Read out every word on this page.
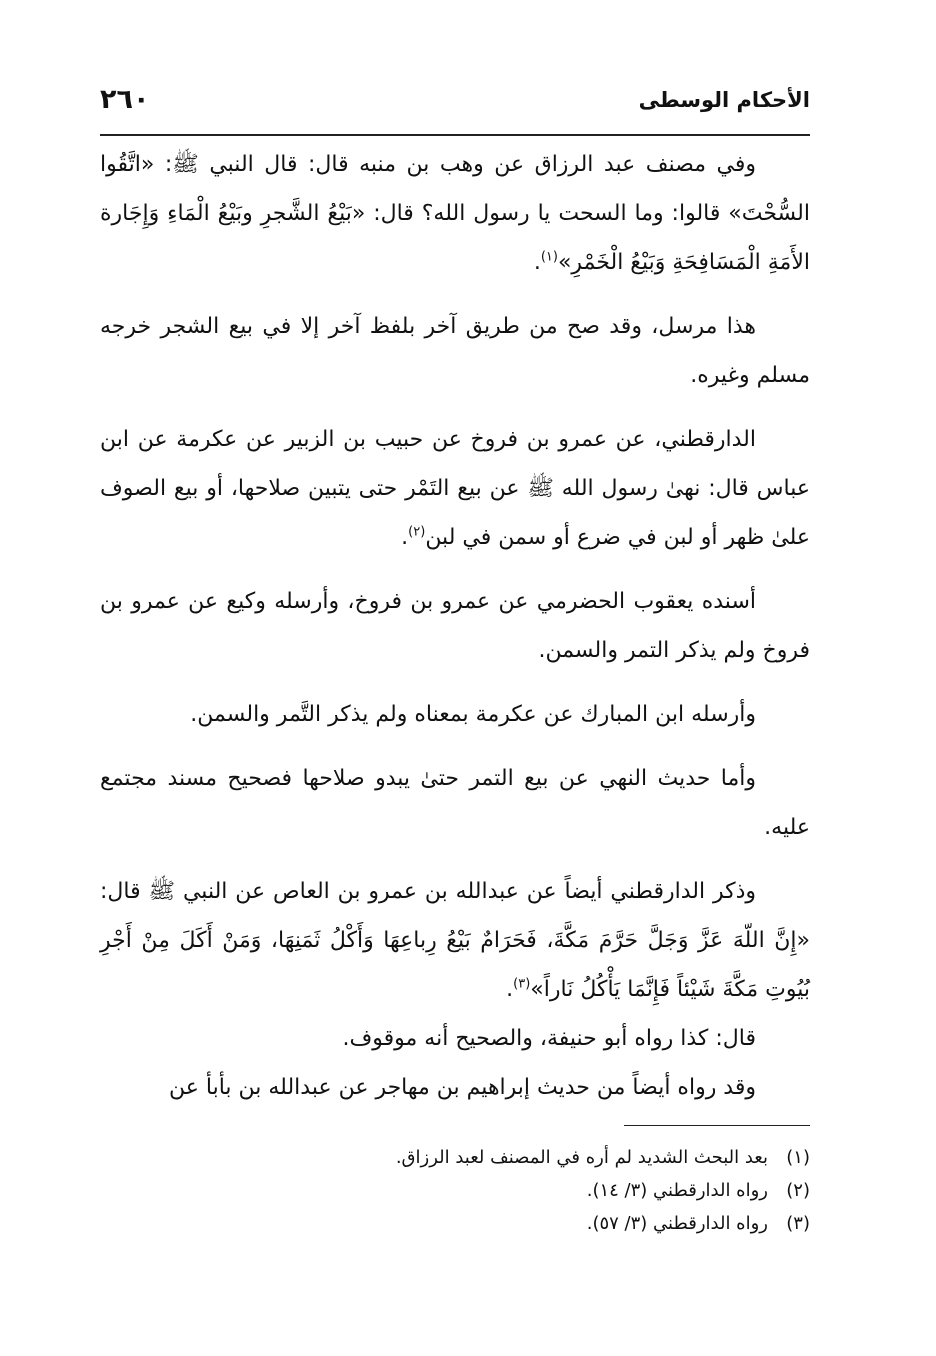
الأحكام الوسطى
٢٦٠

وفي مصنف عبد الرزاق عن وهب بن منبه قال: قال النبي ﷺ: «اتَّقُوا السُّحْتَ» قالوا: وما السحت يا رسول الله؟ قال: «بَيْعُ الشَّجرِ وبَيْعُ الْمَاءِ وَإِجَارة الأَمَةِ الْمَسَافِحَةِ وَبَيْعُ الْخَمْرِ»$^{(١)}$.

هذا مرسل، وقد صح من طريق آخر بلفظ آخر إلا في بيع الشجر خرجه مسلم وغيره.

الدارقطني، عن عمرو بن فروخ عن حبيب بن الزبير عن عكرمة عن ابن عباس قال: نهىٰ رسول الله ﷺ عن بيع التَمْر حتى يتبين صلاحها، أو بيع الصوف علىٰ ظهر أو لبن في ضرع أو سمن في لبن$^{(٢)}$.

أسنده يعقوب الحضرمي عن عمرو بن فروخ، وأرسله وكيع عن عمرو بن فروخ ولم يذكر التمر والسمن.

وأرسله ابن المبارك عن عكرمة بمعناه ولم يذكر التَّمر والسمن.

وأما حديث النهي عن بيع التمر حتىٰ يبدو صلاحها فصحيح مسند مجتمع عليه.

وذكر الدارقطني أيضاً عن عبدالله بن عمرو بن العاص عن النبي ﷺ قال: «إِنَّ اللّهَ عَزَّ وَجَلَّ حَرَّمَ مَكَّةَ، فَحَرَامٌ بَيْعُ رِباعِهَا وَأَكْلُ ثَمَنِهَا، وَمَنْ أَكَلَ مِنْ أَجْرِ بُيُوتِ مَكَّةَ شَيْئاً فَإِنَّمَا يَأْكُلُ نَاراً»$^{(٣)}$.

قال: كذا رواه أبو حنيفة، والصحيح أنه موقوف.

وقد رواه أيضاً من حديث إبراهيم بن مهاجر عن عبدالله بن بأبأ عن

(١)بعد البحث الشديد لم أره في المصنف لعبد الرزاق.
(٢)رواه الدارقطني (٣/ ١٤).
(٣)رواه الدارقطني (٣/ ٥٧).
